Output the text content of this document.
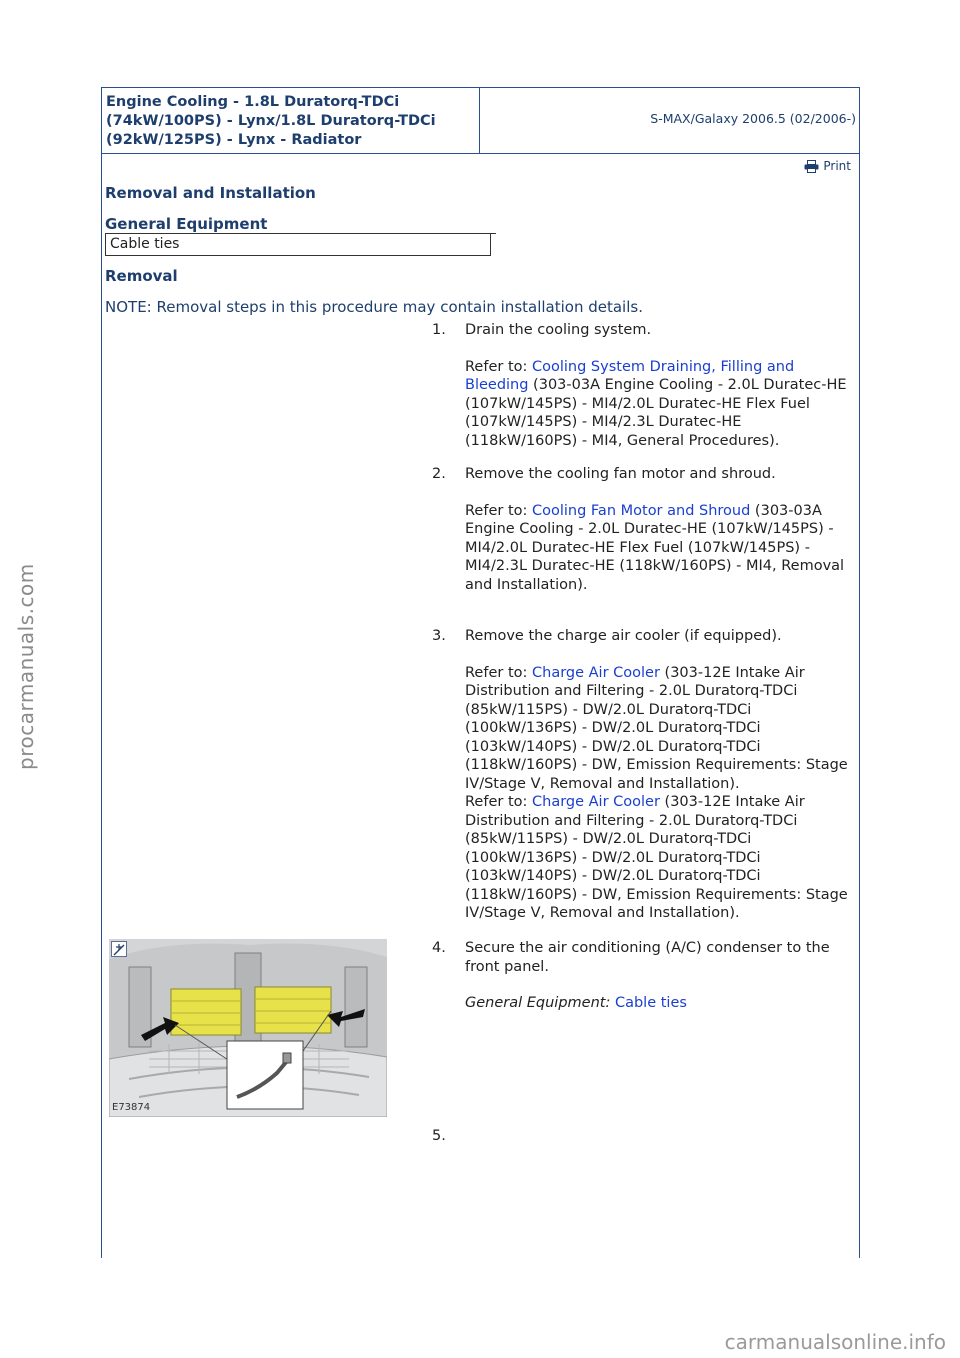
procarmanuals.com
carmanualsonline.info
Engine Cooling - 1.8L Duratorq-TDCi (74kW/100PS) - Lynx/1.8L Duratorq-TDCi (92kW/125PS) - Lynx - Radiator
S-MAX/Galaxy 2006.5 (02/2006-)
Print
Removal and Installation
General Equipment
Cable ties
Removal
NOTE: Removal steps in this procedure may contain installation details.
1.	Drain the cooling system.
Refer to: Cooling System Draining, Filling and Bleeding (303-03A Engine Cooling - 2.0L Duratec-HE (107kW/145PS) - MI4/2.0L Duratec-HE Flex Fuel (107kW/145PS) - MI4/2.3L Duratec-HE (118kW/160PS) - MI4, General Procedures).
2.	Remove the cooling fan motor and shroud.
Refer to: Cooling Fan Motor and Shroud (303-03A Engine Cooling - 2.0L Duratec-HE (107kW/145PS) - MI4/2.0L Duratec-HE Flex Fuel (107kW/145PS) - MI4/2.3L Duratec-HE (118kW/160PS) - MI4, Removal and Installation).
3.	Remove the charge air cooler (if equipped).
Refer to: Charge Air Cooler (303-12E Intake Air Distribution and Filtering - 2.0L Duratorq-TDCi (85kW/115PS) - DW/2.0L Duratorq-TDCi (100kW/136PS) - DW/2.0L Duratorq-TDCi (103kW/140PS) - DW/2.0L Duratorq-TDCi (118kW/160PS) - DW, Emission Requirements: Stage IV/Stage V, Removal and Installation).
Refer to: Charge Air Cooler (303-12E Intake Air Distribution and Filtering - 2.0L Duratorq-TDCi (85kW/115PS) - DW/2.0L Duratorq-TDCi (100kW/136PS) - DW/2.0L Duratorq-TDCi (103kW/140PS) - DW/2.0L Duratorq-TDCi (118kW/160PS) - DW, Emission Requirements: Stage IV/Stage V, Removal and Installation).
E73874
4.	Secure the air conditioning (A/C) condenser to the front panel.
General Equipment: Cable ties
5.
